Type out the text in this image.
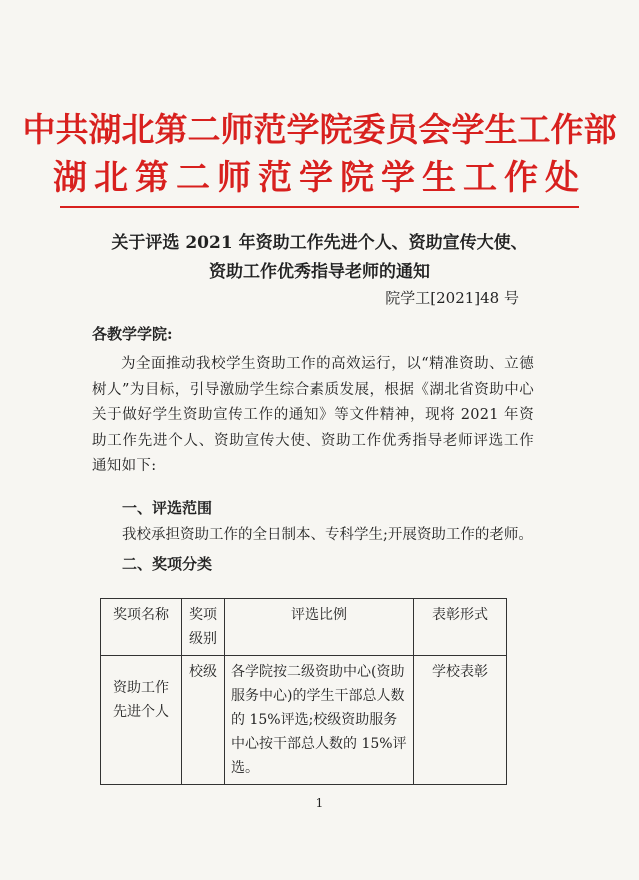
中共湖北第二师范学院委员会学生工作部
湖北第二师范学院学生工作处
关于评选 2021 年资助工作先进个人、资助宣传大使、
资助工作优秀指导老师的通知
院学工[2021]48 号
各教学学院:
为全面推动我校学生资助工作的高效运行，以“精准资助、立德树人”为目标，引导激励学生综合素质发展，根据《湖北省资助中心关于做好学生资助宣传工作的通知》等文件精神，现将 2021 年资助工作先进个人、资助宣传大使、资助工作优秀指导老师评选工作通知如下:
一、评选范围
我校承担资助工作的全日制本、专科学生;开展资助工作的老师。
二、奖项分类
奖项名称	奖项级别	评选比例	表彰形式
资助工作先进个人	校级	各学院按二级资助中心(资助服务中心)的学生干部总人数的 15%评选;校级资助服务中心按干部总人数的 15%评选。	学校表彰
1
